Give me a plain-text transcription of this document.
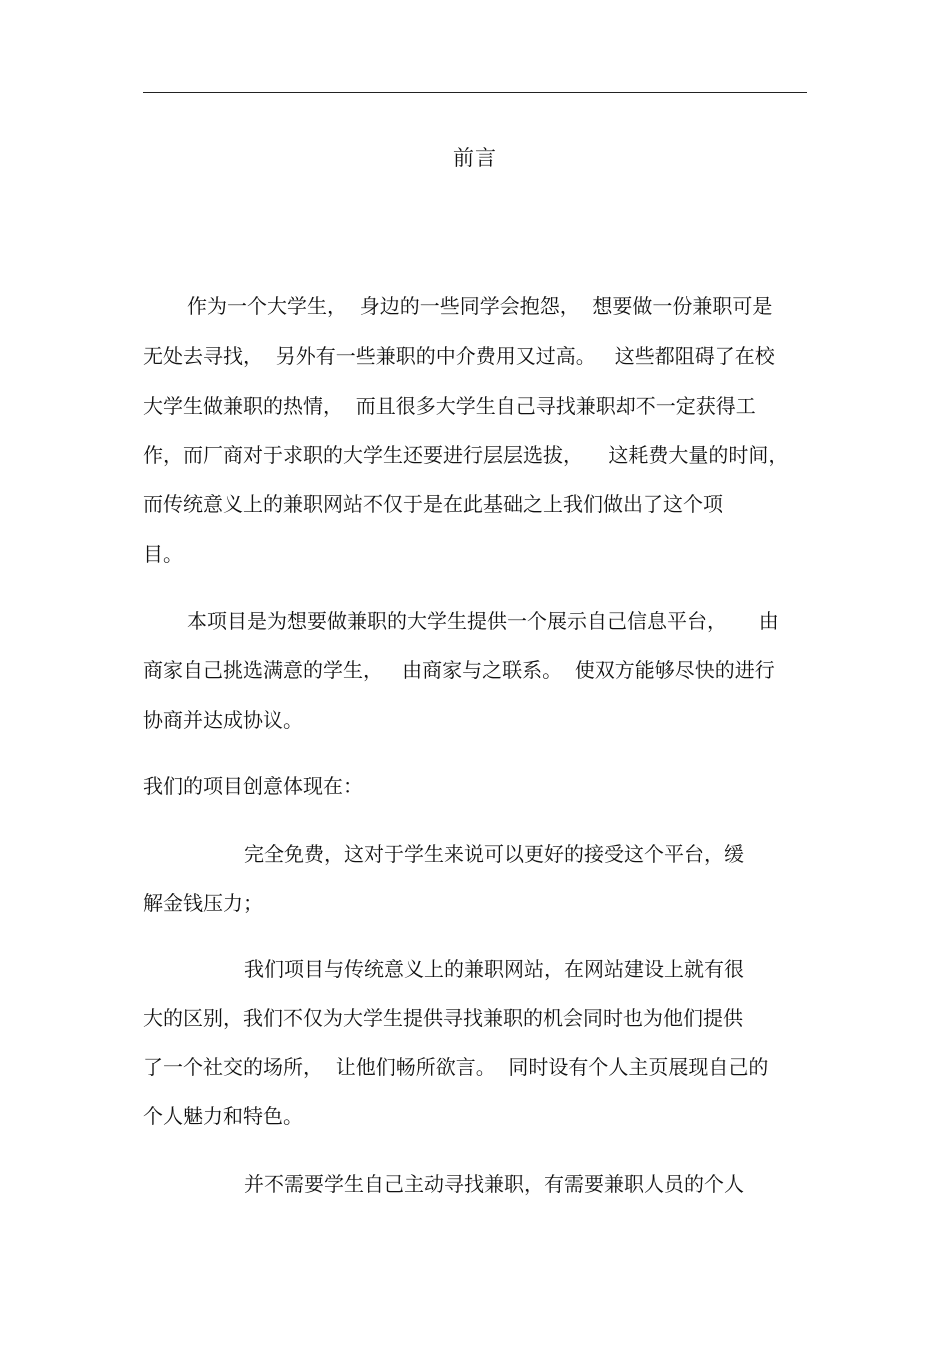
前言
作为一个大学生，  身边的一些同学会抱怨，  想要做一份兼职可是
无处去寻找，  另外有一些兼职的中介费用又过高。   这些都阻碍了在校
大学生做兼职的热情，  而且很多大学生自己寻找兼职却不一定获得工
作，而厂商对于求职的大学生还要进行层层选拔，    这耗费大量的时间，
而传统意义上的兼职网站不仅于是在此基础之上我们做出了这个项
目。
本项目是为想要做兼职的大学生提供一个展示自己信息平台，     由
商家自己挑选满意的学生，   由商家与之联系。  使双方能够尽快的进行
协商并达成协议。
我们的项目创意体现在：
完全免费，这对于学生来说可以更好的接受这个平台，缓
解金钱压力；
我们项目与传统意义上的兼职网站，在网站建设上就有很
大的区别，我们不仅为大学生提供寻找兼职的机会同时也为他们提供
了一个社交的场所，  让他们畅所欲言。  同时设有个人主页展现自己的
个人魅力和特色。
并不需要学生自己主动寻找兼职，有需要兼职人员的个人
